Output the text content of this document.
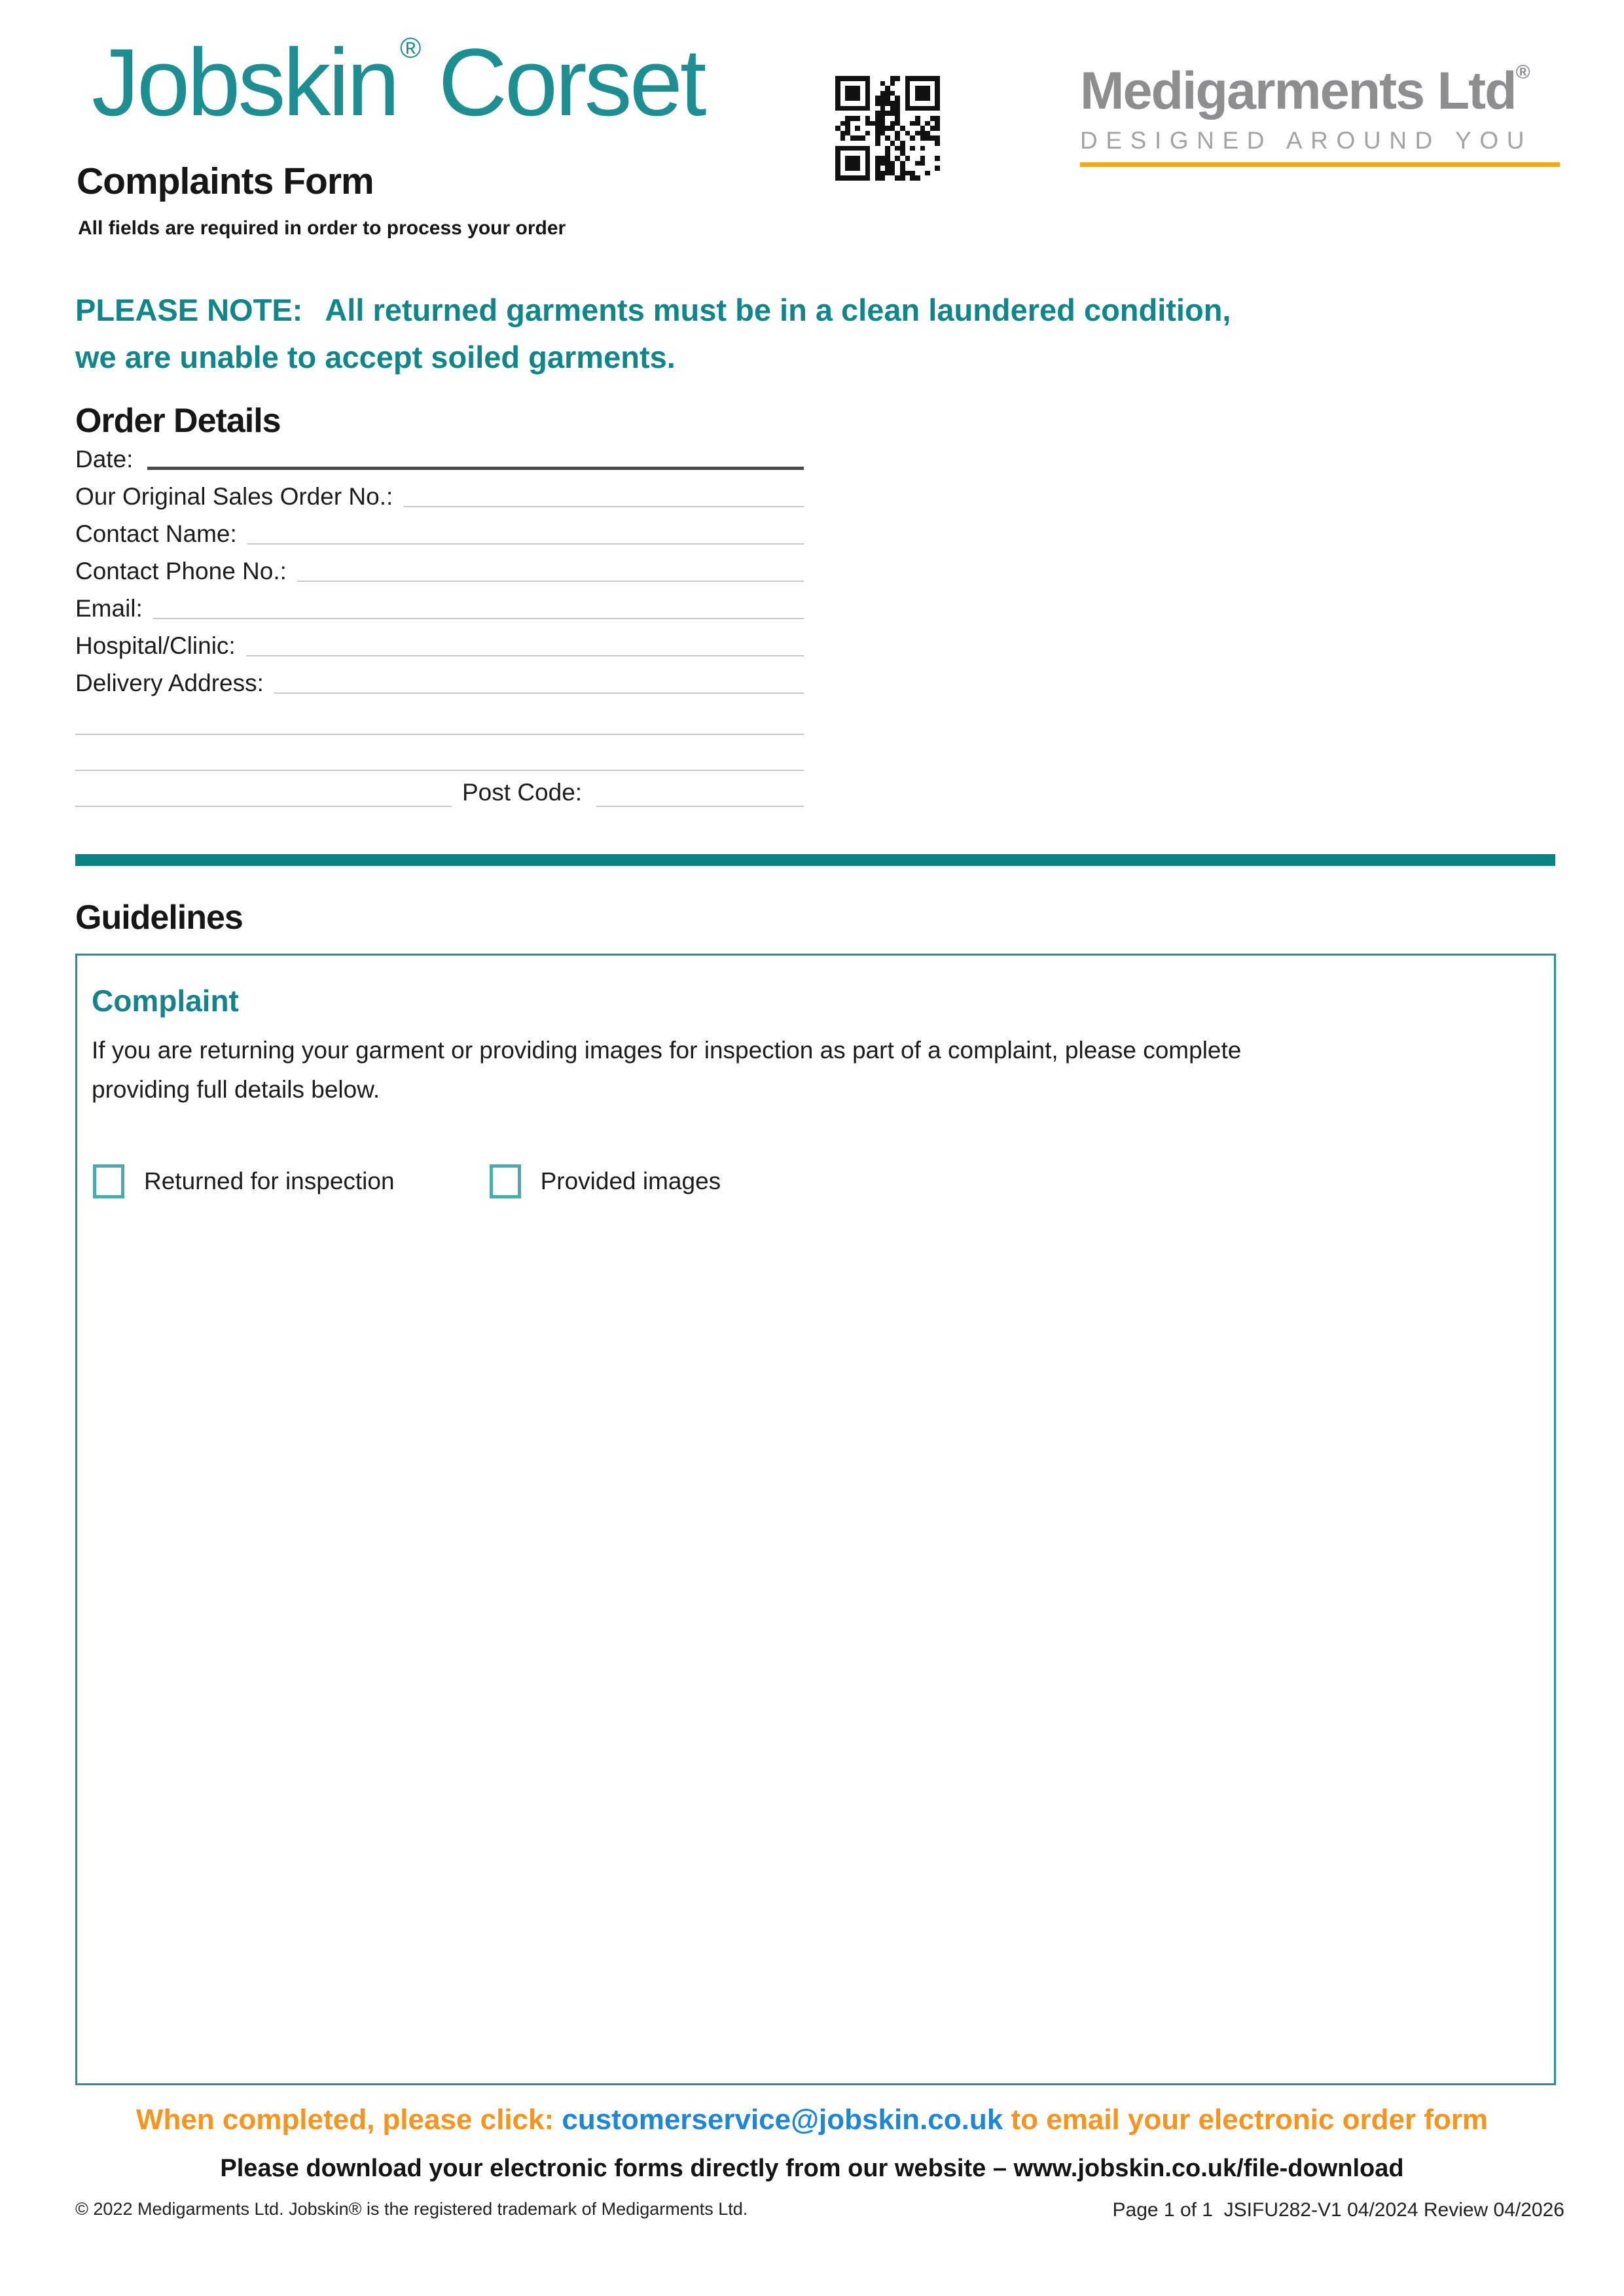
Jobskin® Corset
Complaints Form
All fields are required in order to process your order
Medigarments Ltd®
DESIGNED AROUND YOU
PLEASE NOTE: All returned garments must be in a clean laundered condition,
we are unable to accept soiled garments.
Order Details
Date:
Our Original Sales Order No.:
Contact Name:
Contact Phone No.:
Email:
Hospital/Clinic:
Delivery Address:
Post Code:
Guidelines
Complaint

If you are returning your garment or providing images for inspection as part of a complaint, please complete
providing full details below.

Returned for inspection	Provided images
When completed, please click: customerservice@jobskin.co.uk to email your electronic order form
Please download your electronic forms directly from our website – www.jobskin.co.uk/file-download
© 2022 Medigarments Ltd. Jobskin® is the registered trademark of Medigarments Ltd.	Page 1 of 1  JSIFU282-V1 04/2024 Review 04/2026
